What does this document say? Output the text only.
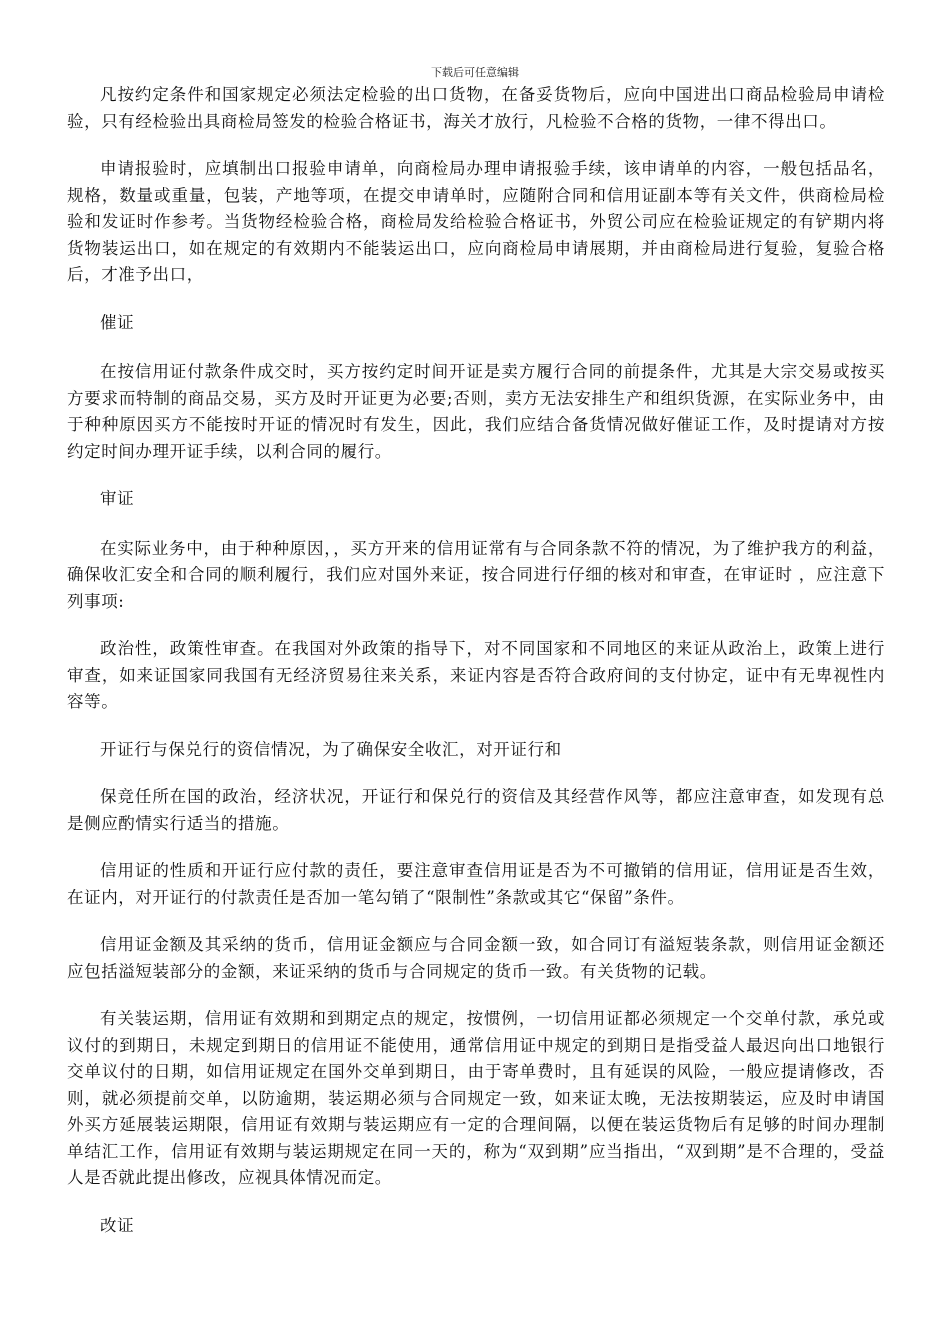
下载后可任意编辑

凡按约定条件和国家规定必须法定检验的出口货物，在备妥货物后，应向中国进出口商品检验局申请检验，只有经检验出具商检局签发的检验合格证书，海关才放行，凡检验不合格的货物，一律不得出口。

申请报验时，应填制出口报验申请单，向商检局办理申请报验手续，该申请单的内容，一般包括品名，规格，数量或重量，包装，产地等项，在提交申请单时，应随附合同和信用证副本等有关文件，供商检局检验和发证时作参考。当货物经检验合格，商检局发给检验合格证书，外贸公司应在检验证规定的有铲期内将货物装运出口，如在规定的有效期内不能装运出口，应向商检局申请展期，并由商检局进行复验，复验合格后，才准予出口，

催证

在按信用证付款条件成交时，买方按约定时间开证是卖方履行合同的前提条件，尤其是大宗交易或按买方要求而特制的商品交易，买方及时开证更为必要;否则，卖方无法安排生产和组织货源，在实际业务中，由于种种原因买方不能按时开证的情况时有发生，因此，我们应结合备货情况做好催证工作，及时提请对方按约定时间办理开证手续，以利合同的履行。

审证

在实际业务中，由于种种原因，，买方开来的信用证常有与合同条款不符的情况，为了维护我方的利益，确保收汇安全和合同的顺利履行，我们应对国外来证，按合同进行仔细的核对和审查，在审证时 ，应注意下列事项:

政治性，政策性审查。在我国对外政策的指导下，对不同国家和不同地区的来证从政治上，政策上进行审查，如来证国家同我国有无经济贸易往来关系，来证内容是否符合政府间的支付协定，证中有无卑视性内容等。

开证行与保兑行的资信情况，为了确保安全收汇，对开证行和

保竞任所在国的政治，经济状况，开证行和保兑行的资信及其经营作风等，都应注意审查，如发现有总是侧应酌情实行适当的措施。

信用证的性质和开证行应付款的责任，要注意审查信用证是否为不可撤销的信用证，信用证是否生效，在证内，对开证行的付款责任是否加一笔勾销了“限制性”条款或其它“保留”条件。

信用证金额及其采纳的货币，信用证金额应与合同金额一致，如合同订有溢短装条款，则信用证金额还应包括溢短装部分的金额，来证采纳的货币与合同规定的货币一致。有关货物的记载。

有关装运期，信用证有效期和到期定点的规定，按惯例，一切信用证都必须规定一个交单付款，承兑或议付的到期日，未规定到期日的信用证不能使用，通常信用证中规定的到期日是指受益人最迟向出口地银行交单议付的日期，如信用证规定在国外交单到期日，由于寄单费时，且有延误的风险，一般应提请修改，否则，就必须提前交单，以防逾期，装运期必须与合同规定一致，如来证太晚，无法按期装运，应及时申请国外买方延展装运期限，信用证有效期与装运期应有一定的合理间隔，以便在装运货物后有足够的时间办理制单结汇工作，信用证有效期与装运期规定在同一天的，称为“双到期”应当指出，“双到期”是不合理的，受益人是否就此提出修改，应视具体情况而定。

改证
